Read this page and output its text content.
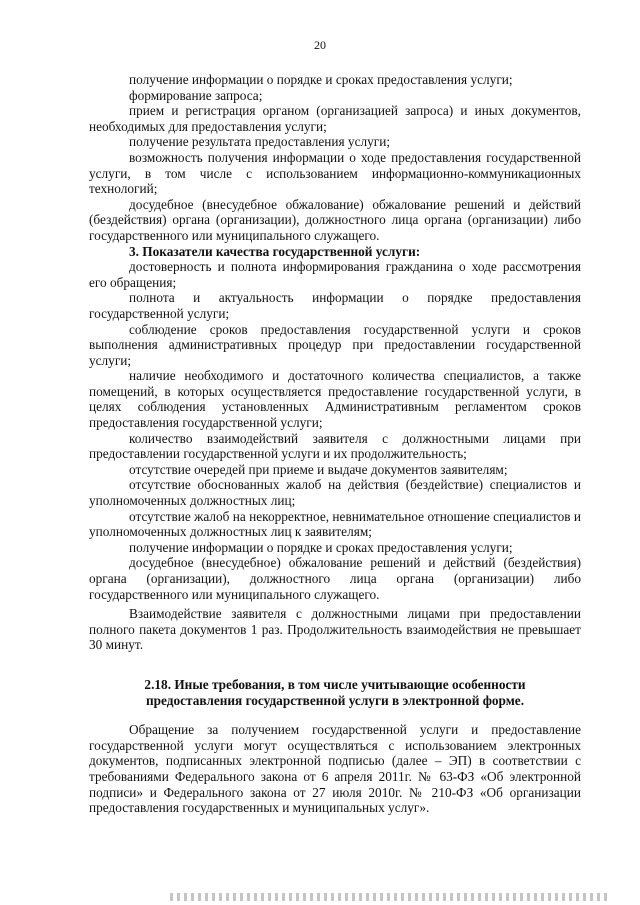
20

получение информации о порядке и сроках предоставления услуги;

формирование запроса;

прием и регистрация органом (организацией запроса) и иных документов, необходимых для предоставления услуги;

получение результата предоставления услуги;

возможность получения информации о ходе предоставления государственной услуги, в том числе с использованием информационно-коммуникационных технологий;

досудебное (внесудебное обжалование) обжалование решений и действий (бездействия) органа (организации), должностного лица органа (организации) либо государственного или муниципального служащего.

3. Показатели качества государственной услуги:

достоверность и полнота информирования гражданина о ходе рассмотрения его обращения;

полнота и актуальность информации о порядке предоставления государственной услуги;

соблюдение сроков предоставления государственной услуги и сроков выполнения административных процедур при предоставлении государственной услуги;

наличие необходимого и достаточного количества специалистов, а также помещений, в которых осуществляется предоставление государственной услуги, в целях соблюдения установленных Административным регламентом сроков предоставления государственной услуги;

количество взаимодействий заявителя с должностными лицами при предоставлении государственной услуги и их продолжительность;

отсутствие очередей при приеме и выдаче документов заявителям;

отсутствие обоснованных жалоб на действия (бездействие) специалистов и уполномоченных должностных лиц;

отсутствие жалоб на некорректное, невнимательное отношение специалистов и уполномоченных должностных лиц к заявителям;

получение информации о порядке и сроках предоставления услуги;

досудебное (внесудебное) обжалование решений и действий (бездействия) органа (организации), должностного лица органа (организации) либо государственного или муниципального служащего.

Взаимодействие заявителя с должностными лицами при предоставлении полного пакета документов 1 раз. Продолжительность взаимодействия не превышает 30 минут.

2.18. Иные требования, в том числе учитывающие особенности
предоставления государственной услуги в электронной форме.

Обращение за получением государственной услуги и предоставление государственной услуги могут осуществляться с использованием электронных документов, подписанных электронной подписью (далее – ЭП) в соответствии с требованиями Федерального закона от 6 апреля 2011г. № 63-ФЗ «Об электронной подписи» и Федерального закона от 27 июля 2010г. № 210-ФЗ «Об организации предоставления государственных и муниципальных услуг».
